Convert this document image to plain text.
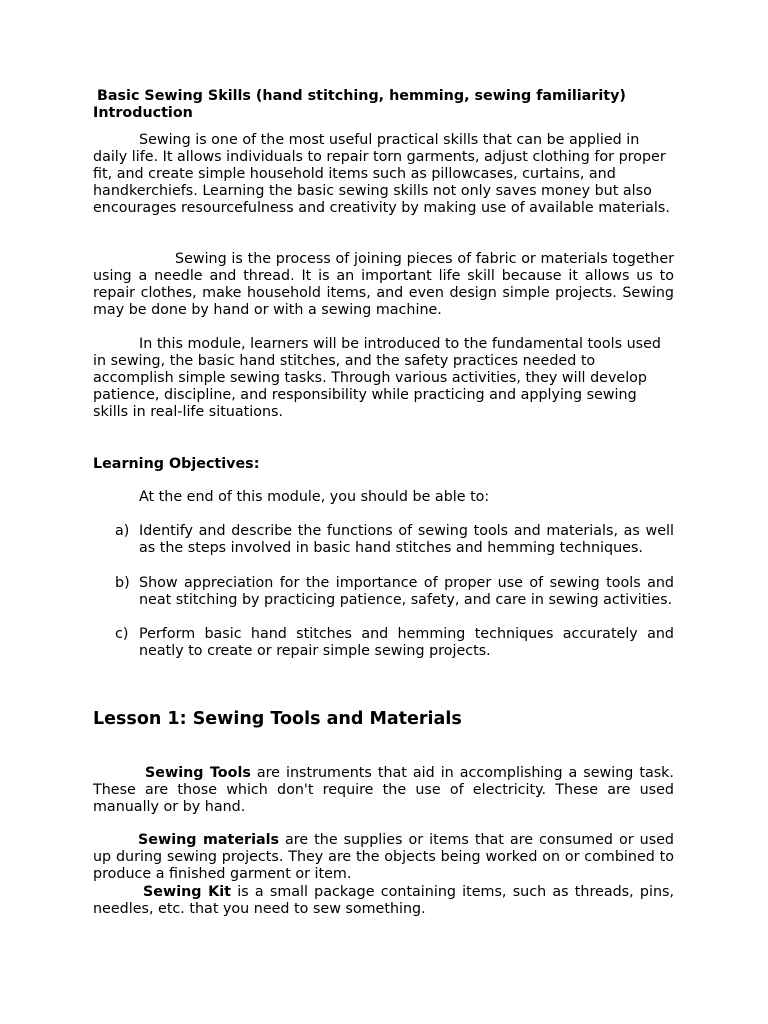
Basic Sewing Skills (hand stitching, hemming, sewing familiarity)

Introduction

Sewing is one of the most useful practical skills that can be applied in daily life. It allows individuals to repair torn garments, adjust clothing for proper fit, and create simple household items such as pillowcases, curtains, and handkerchiefs. Learning the basic sewing skills not only saves money but also encourages resourcefulness and creativity by making use of available materials.

Sewing is the process of joining pieces of fabric or materials together using a needle and thread. It is an important life skill because it allows us to repair clothes, make household items, and even design simple projects. Sewing may be done by hand or with a sewing machine.

In this module, learners will be introduced to the fundamental tools used in sewing, the basic hand stitches, and the safety practices needed to accomplish simple sewing tasks. Through various activities, they will develop patience, discipline, and responsibility while practicing and applying sewing skills in real-life situations.

Learning Objectives:

At the end of this module, you should be able to:

a) Identify and describe the functions of sewing tools and materials, as well as the steps involved in basic hand stitches and hemming techniques.
b) Show appreciation for the importance of proper use of sewing tools and neat stitching by practicing patience, safety, and care in sewing activities.
c) Perform basic hand stitches and hemming techniques accurately and neatly to create or repair simple sewing projects.

Lesson 1: Sewing Tools and Materials

Sewing Tools are instruments that aid in accomplishing a sewing task. These are those which don't require the use of electricity. These are used manually or by hand.

Sewing materials are the supplies or items that are consumed or used up during sewing projects. They are the objects being worked on or combined to produce a finished garment or item.

Sewing Kit is a small package containing items, such as threads, pins, needles, etc. that you need to sew something.
